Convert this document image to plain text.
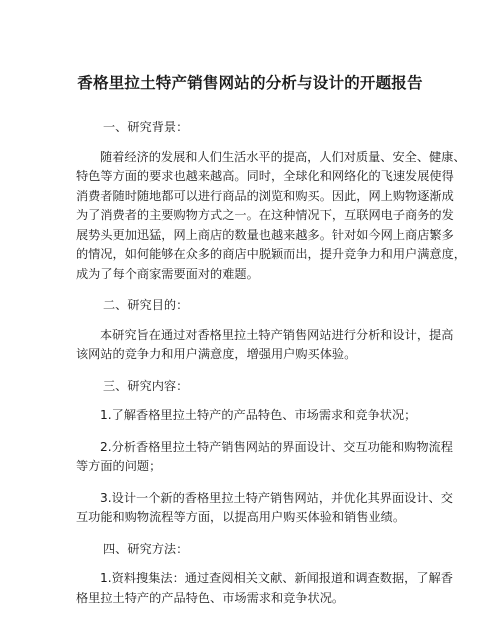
香格里拉土特产销售网站的分析与设计的开题报告
一、研究背景：
随着经济的发展和人们生活水平的提高，人们对质量、安全、健康、
特色等方面的要求也越来越高。同时，全球化和网络化的飞速发展使得
消费者随时随地都可以进行商品的浏览和购买。因此，网上购物逐渐成
为了消费者的主要购物方式之一。在这种情况下，互联网电子商务的发
展势头更加迅猛，网上商店的数量也越来越多。针对如今网上商店繁多
的情况，如何能够在众多的商店中脱颖而出，提升竞争力和用户满意度，
成为了每个商家需要面对的难题。
二、研究目的：
本研究旨在通过对香格里拉土特产销售网站进行分析和设计，提高
该网站的竞争力和用户满意度，增强用户购买体验。
三、研究内容：
1.了解香格里拉土特产的产品特色、市场需求和竞争状况；
2.分析香格里拉土特产销售网站的界面设计、交互功能和购物流程
等方面的问题；
3.设计一个新的香格里拉土特产销售网站，并优化其界面设计、交
互功能和购物流程等方面，以提高用户购买体验和销售业绩。
四、研究方法：
1.资料搜集法：通过查阅相关文献、新闻报道和调查数据，了解香
格里拉土特产的产品特色、市场需求和竞争状况。
